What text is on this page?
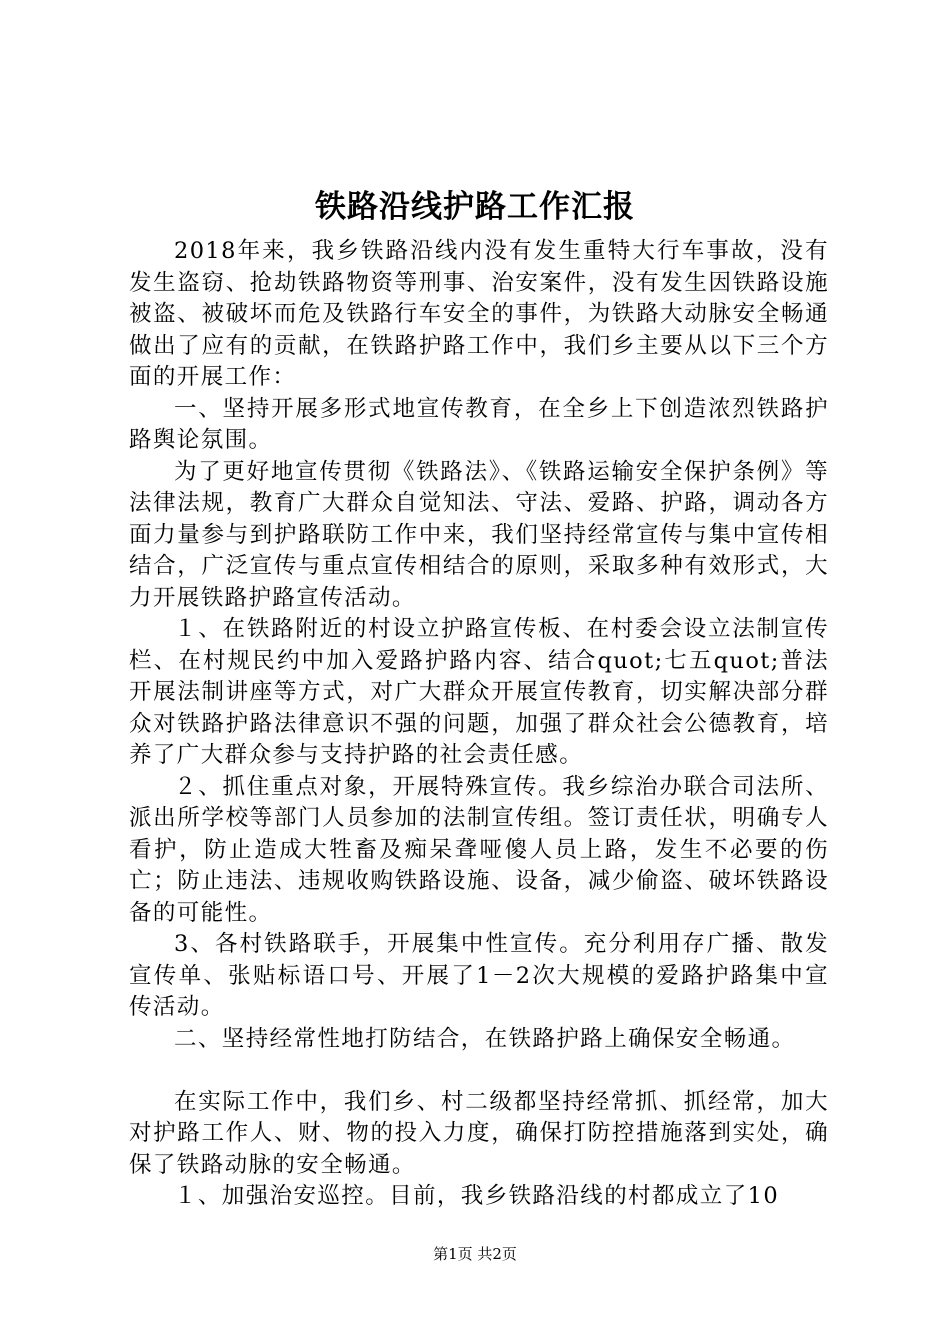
铁路沿线护路工作汇报

2018年来，我乡铁路沿线内没有发生重特大行车事故，没有发生盗窃、抢劫铁路物资等刑事、治安案件，没有发生因铁路设施被盗、被破坏而危及铁路行车安全的事件，为铁路大动脉安全畅通做出了应有的贡献，在铁路护路工作中，我们乡主要从以下三个方面的开展工作：

一、坚持开展多形式地宣传教育，在全乡上下创造浓烈铁路护路舆论氛围。

为了更好地宣传贯彻《铁路法》、《铁路运输安全保护条例》等法律法规，教育广大群众自觉知法、守法、爱路、护路，调动各方面力量参与到护路联防工作中来，我们坚持经常宣传与集中宣传相结合，广泛宣传与重点宣传相结合的原则，采取多种有效形式，大力开展铁路护路宣传活动。

１、在铁路附近的村设立护路宣传板、在村委会设立法制宣传栏、在村规民约中加入爱路护路内容、结合quot;七五quot;普法开展法制讲座等方式，对广大群众开展宣传教育，切实解决部分群众对铁路护路法律意识不强的问题，加强了群众社会公德教育，培养了广大群众参与支持护路的社会责任感。

２、抓住重点对象，开展特殊宣传。我乡综治办联合司法所、派出所学校等部门人员参加的法制宣传组。签订责任状，明确专人看护，防止造成大牲畜及痴呆聋哑傻人员上路，发生不必要的伤亡；防止违法、违规收购铁路设施、设备，减少偷盗、破坏铁路设备的可能性。

3、各村铁路联手，开展集中性宣传。充分利用存广播、散发宣传单、张贴标语口号、开展了1－2次大规模的爱路护路集中宣传活动。

二、坚持经常性地打防结合，在铁路护路上确保安全畅通。

在实际工作中，我们乡、村二级都坚持经常抓、抓经常，加大对护路工作人、财、物的投入力度，确保打防控措施落到实处，确保了铁路动脉的安全畅通。

１、加强治安巡控。目前，我乡铁路沿线的村都成立了10

第1页 共2页
